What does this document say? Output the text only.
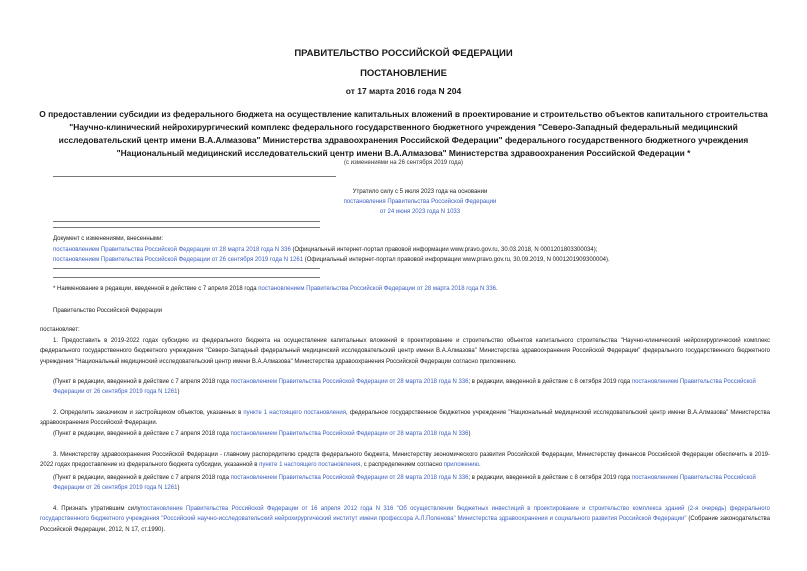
ПРАВИТЕЛЬСТВО РОССИЙСКОЙ ФЕДЕРАЦИИ

ПОСТАНОВЛЕНИЕ

от 17 марта 2016 года N 204

О предоставлении субсидии из федерального бюджета на осуществление капитальных вложений в проектирование и строительство объектов капитального строительства "Научно-клинический нейрохирургический комплекс федерального государственного бюджетного учреждения "Северо-Западный федеральный медицинский исследовательский центр имени В.А.Алмазова" Министерства здравоохранения Российской Федерации" федерального государственного бюджетного учреждения "Национальный медицинский исследовательский центр имени В.А.Алмазова" Министерства здравоохранения Российской Федерации *

(с изменениями на 26 сентября 2019 года)

Утратило силу с 5 июля 2023 года на основании
постановления Правительства Российской Федерации
от 24 июня 2023 года N 1033
Документ с изменениями, внесенными:
постановлением Правительства Российской Федерации от 28 марта 2018 года N 336 (Официальный интернет-портал правовой информации www.pravo.gov.ru, 30.03.2018, N 0001201803300034);
постановлением Правительства Российской Федерации от 26 сентября 2019 года N 1261 (Официальный интернет-портал правовой информации www.pravo.gov.ru, 30.09.2019, N 0001201909300004).

* Наименование в редакции, введенной в действие с 7 апреля 2018 года постановлением Правительства Российской Федерации от 28 марта 2018 года N 336.

Правительство Российской Федерации

постановляет:

1. Предоставить в 2019-2022 годах субсидию из федерального бюджета на осуществление капитальных вложений в проектирование и строительство объектов капитального строительства "Научно-клинический нейрохирургический комплекс федерального государственного бюджетного учреждения "Северо-Западный федеральный медицинский исследовательский центр имени В.А.Алмазова" Министерства здравоохранения Российской Федерации" федерального государственного бюджетного учреждения "Национальный медицинский исследовательский центр имени В.А.Алмазова" Министерства здравоохранения Российской Федерации согласно приложению.

(Пункт в редакции, введенной в действие с 7 апреля 2018 года постановлением Правительства Российской Федерации от 28 марта 2018 года N 336; в редакции, введенной в действие с 8 октября 2019 года постановлением Правительства Российской Федерации от 26 сентября 2019 года N 1261)

2. Определить заказчиком и застройщиком объектов, указанных в пункте 1 настоящего постановления, федеральное государственное бюджетное учреждение "Национальный медицинский исследовательский центр имени В.А.Алмазова" Министерства здравоохранения Российской Федерации.

(Пункт в редакции, введенной в действие с 7 апреля 2018 года постановлением Правительства Российской Федерации от 28 марта 2018 года N 336)

3. Министерству здравоохранения Российской Федерации - главному распорядителю средств федерального бюджета, Министерству экономического развития Российской Федерации, Министерству финансов Российской Федерации обеспечить в 2019-2022 годах предоставление из федерального бюджета субсидии, указанной в пункте 1 настоящего постановления, с распределением согласно приложению.

(Пункт в редакции, введенной в действие с 7 апреля 2018 года постановлением Правительства Российской Федерации от 28 марта 2018 года N 336; в редакции, введенной в действие с 8 октября 2019 года постановлением Правительства Российской Федерации от 26 сентября 2019 года N 1261)

4. Признать утратившим силупостановление Правительства Российской Федерации от 16 апреля 2012 года N 316 "Об осуществлении бюджетных инвестиций в проектирование и строительство комплекса зданий (2-я очередь) федерального государственного бюджетного учреждения "Российский научно-исследовательский нейрохирургический институт имени профессора А.Л.Поленова" Министерства здравоохранения и социального развития Российской Федерации" (Собрание законодательства Российской Федерации, 2012, N 17, ст.1990).
